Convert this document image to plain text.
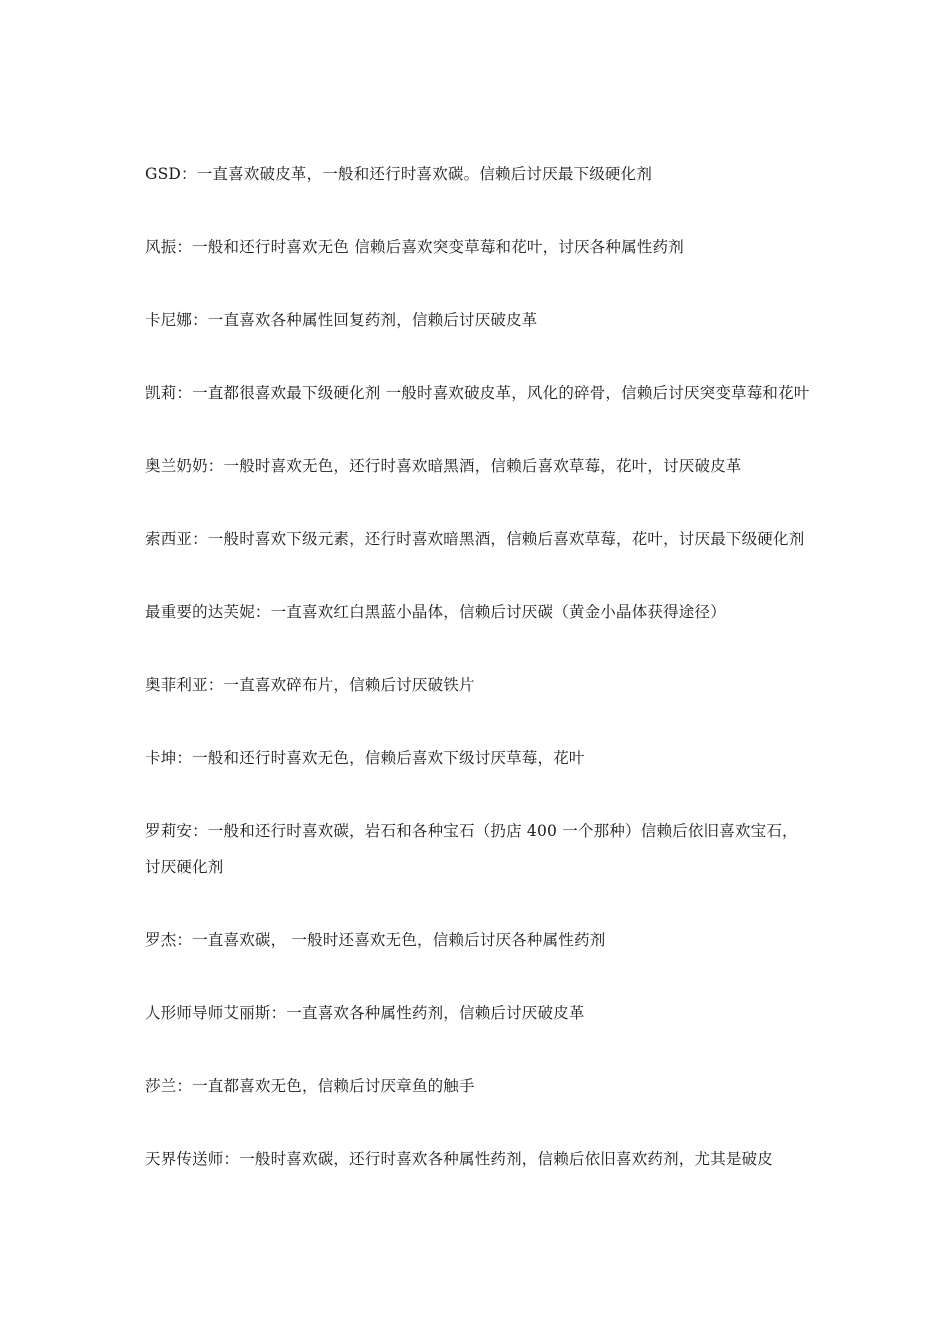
GSD：一直喜欢破皮革，一般和还行时喜欢碳。信赖后讨厌最下级硬化剂

风振：一般和还行时喜欢无色 信赖后喜欢突变草莓和花叶，讨厌各种属性药剂

卡尼娜：一直喜欢各种属性回复药剂，信赖后讨厌破皮革

凯莉：一直都很喜欢最下级硬化剂 一般时喜欢破皮革，风化的碎骨，信赖后讨厌突变草莓和花叶

奥兰奶奶：一般时喜欢无色，还行时喜欢暗黑酒，信赖后喜欢草莓，花叶，讨厌破皮革

索西亚：一般时喜欢下级元素，还行时喜欢暗黑酒，信赖后喜欢草莓，花叶，讨厌最下级硬化剂

最重要的达芙妮：一直喜欢红白黑蓝小晶体，信赖后讨厌碳（黄金小晶体获得途径）

奥菲利亚：一直喜欢碎布片，信赖后讨厌破铁片

卡坤：一般和还行时喜欢无色，信赖后喜欢下级讨厌草莓，花叶

罗莉安：一般和还行时喜欢碳，岩石和各种宝石（扔店 400 一个那种）信赖后依旧喜欢宝石，讨厌硬化剂

罗杰：一直喜欢碳， 一般时还喜欢无色，信赖后讨厌各种属性药剂

人形师导师艾丽斯：一直喜欢各种属性药剂，信赖后讨厌破皮革

莎兰：一直都喜欢无色，信赖后讨厌章鱼的触手

天界传送师：一般时喜欢碳，还行时喜欢各种属性药剂，信赖后依旧喜欢药剂，尤其是破皮
